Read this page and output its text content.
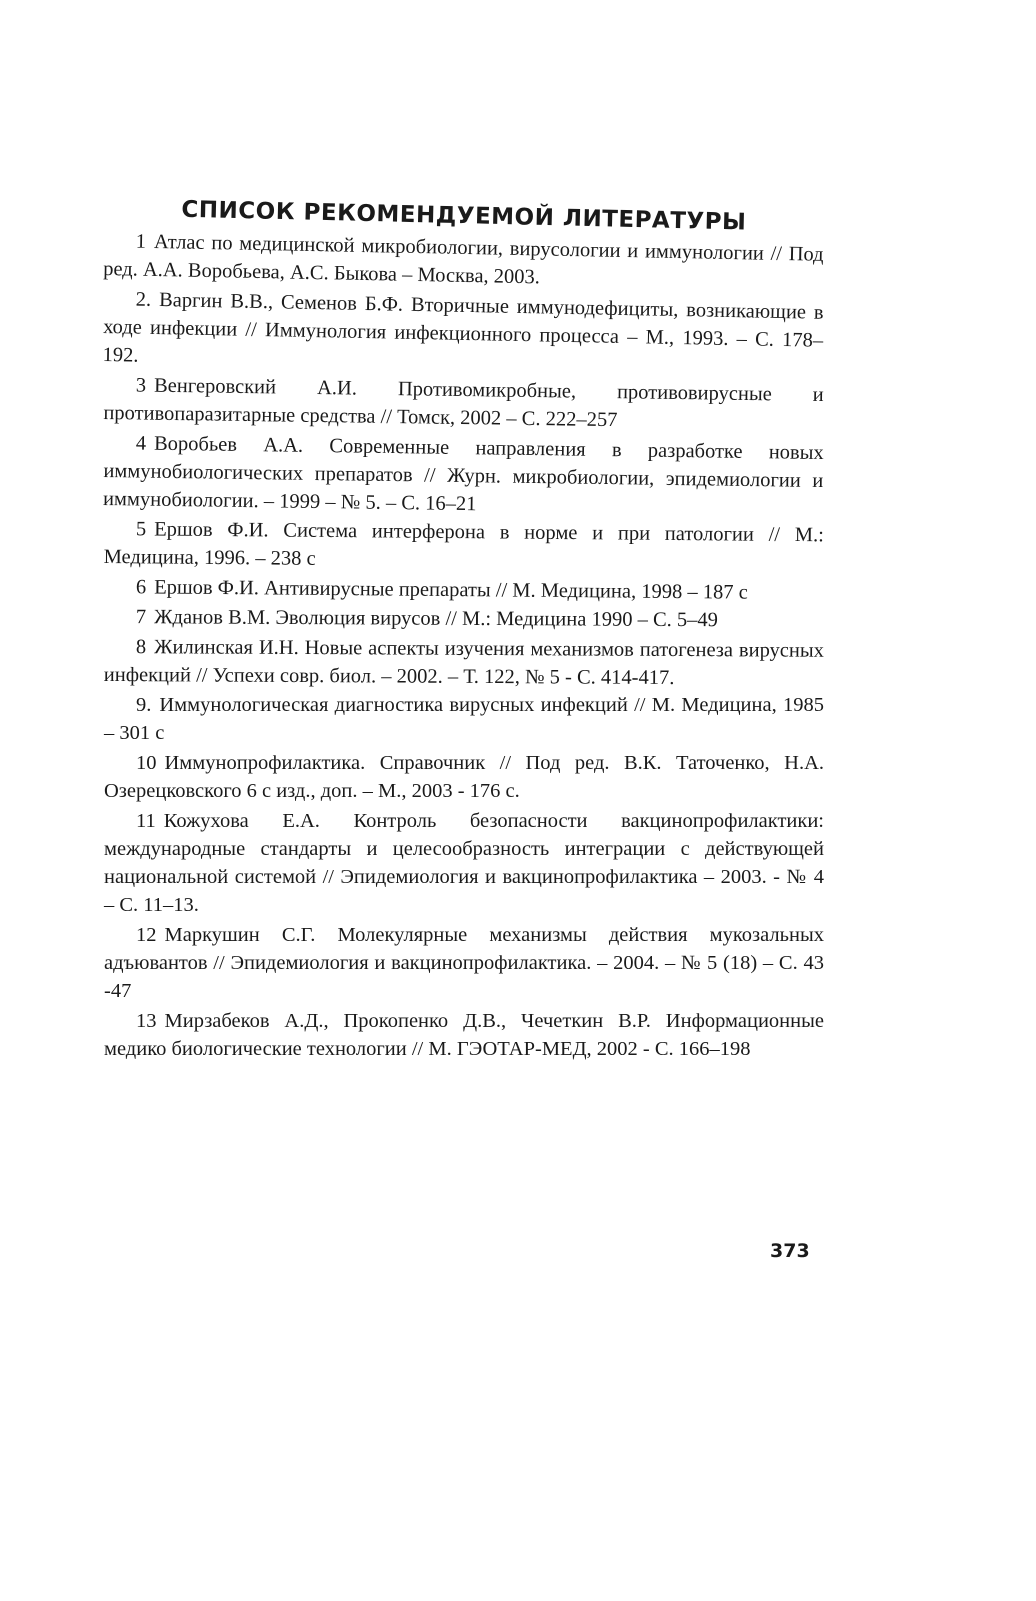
СПИСОК РЕКОМЕНДУЕМОЙ ЛИТЕРАТУРЫ
1 Атлас по медицинской микробиологии, вирусологии и иммунологии // Под ред. А.А. Воробьева, А.С. Быкова – Москва, 2003.
2. Варгин В.В., Семенов Б.Ф. Вторичные иммунодефициты, возникающие в ходе инфекции // Иммунология инфекционного процесса – М., 1993. – С. 178–192.
3 Венгеровский А.И. Противомикробные, противовирусные и противопаразитарные средства // Томск, 2002 – С. 222–257
4 Воробьев А.А. Современные направления в разработке новых иммунобиологических препаратов // Журн. микробиологии, эпидемиологии и иммунобиологии. – 1999 – № 5. – С. 16–21
5 Ершов Ф.И. Система интерферона в норме и при патологии // М.: Медицина, 1996. – 238 с
6 Ершов Ф.И. Антивирусные препараты // М. Медицина, 1998 – 187 с
7 Жданов В.М. Эволюция вирусов // М.: Медицина 1990 – С. 5–49
8 Жилинская И.Н. Новые аспекты изучения механизмов патогенеза вирусных инфекций // Успехи совр. биол. – 2002. – Т. 122, № 5 - С. 414-417.
9. Иммунологическая диагностика вирусных инфекций // М. Медицина, 1985 – 301 с
10 Иммунопрофилактика. Справочник // Под ред. В.К. Таточенко, Н.А. Озерецковского 6 с изд., доп. – М., 2003 - 176 с.
11 Кожухова Е.А. Контроль безопасности вакцинопрофилактики: международные стандарты и целесообразность интеграции с действующей национальной системой // Эпидемиология и вакцинопрофилактика – 2003. - № 4 – С. 11–13.
12 Маркушин С.Г. Молекулярные механизмы действия мукозальных адъювантов // Эпидемиология и вакцинопрофилактика. – 2004. – № 5 (18) – С. 43 -47
13 Мирзабеков А.Д., Прокопенко Д.В., Чечеткин В.Р. Информационные медико биологические технологии // М. ГЭОТАР-МЕД, 2002 - С. 166–198
373
